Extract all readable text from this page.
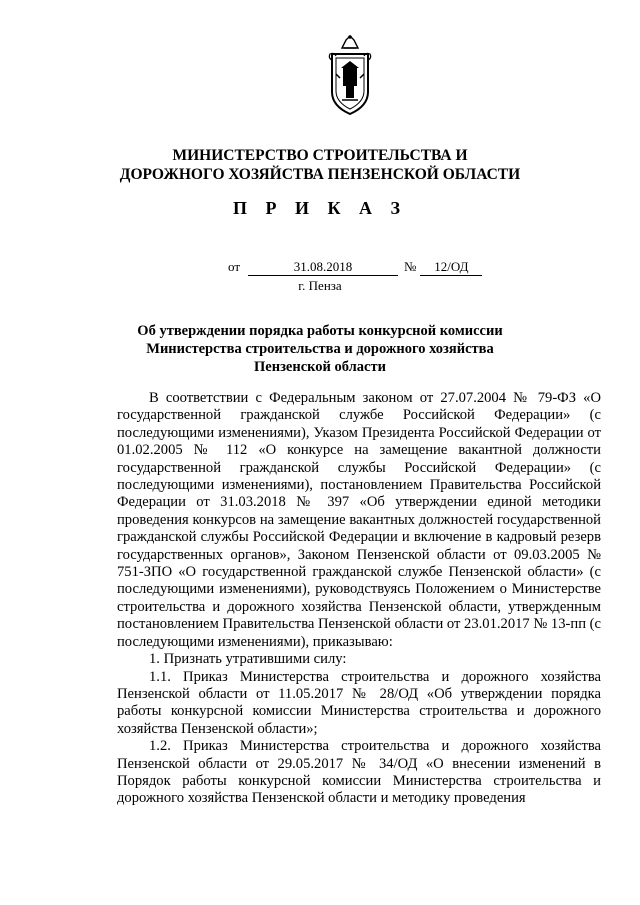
МИНИСТЕРСТВО СТРОИТЕЛЬСТВА И
ДОРОЖНОГО ХОЗЯЙСТВА ПЕНЗЕНСКОЙ ОБЛАСТИ
П Р И К А З
от	31.08.2018	№ 12/ОД
г. Пенза
Об утверждении порядка работы конкурсной комиссии Министерства строительства и дорожного хозяйства Пензенской области

В соответствии с Федеральным законом от 27.07.2004 № 79-ФЗ «О государственной гражданской службе Российской Федерации» (с последующими изменениями), Указом Президента Российской Федерации от 01.02.2005 № 112 «О конкурсе на замещение вакантной должности государственной гражданской службы Российской Федерации» (с последующими изменениями), постановлением Правительства Российской Федерации от 31.03.2018 № 397 «Об утверждении единой методики проведения конкурсов на замещение вакантных должностей государственной гражданской службы Российской Федерации и включение в кадровый резерв государственных органов», Законом Пензенской области от 09.03.2005 № 751-ЗПО «О государственной гражданской службе Пензенской области» (с последующими изменениями), руководствуясь Положением о Министерстве строительства и дорожного хозяйства Пензенской области, утвержденным постановлением Правительства Пензенской области от 23.01.2017 № 13-пп (с последующими изменениями), приказываю:

1. Признать утратившими силу:

1.1. Приказ Министерства строительства и дорожного хозяйства Пензенской области от 11.05.2017 № 28/ОД «Об утверждении порядка работы конкурсной комиссии Министерства строительства и дорожного хозяйства Пензенской области»;

1.2. Приказ Министерства строительства и дорожного хозяйства Пензенской области от 29.05.2017 № 34/ОД «О внесении изменений в Порядок работы конкурсной комиссии Министерства строительства и дорожного хозяйства Пензенской области и методику проведения
